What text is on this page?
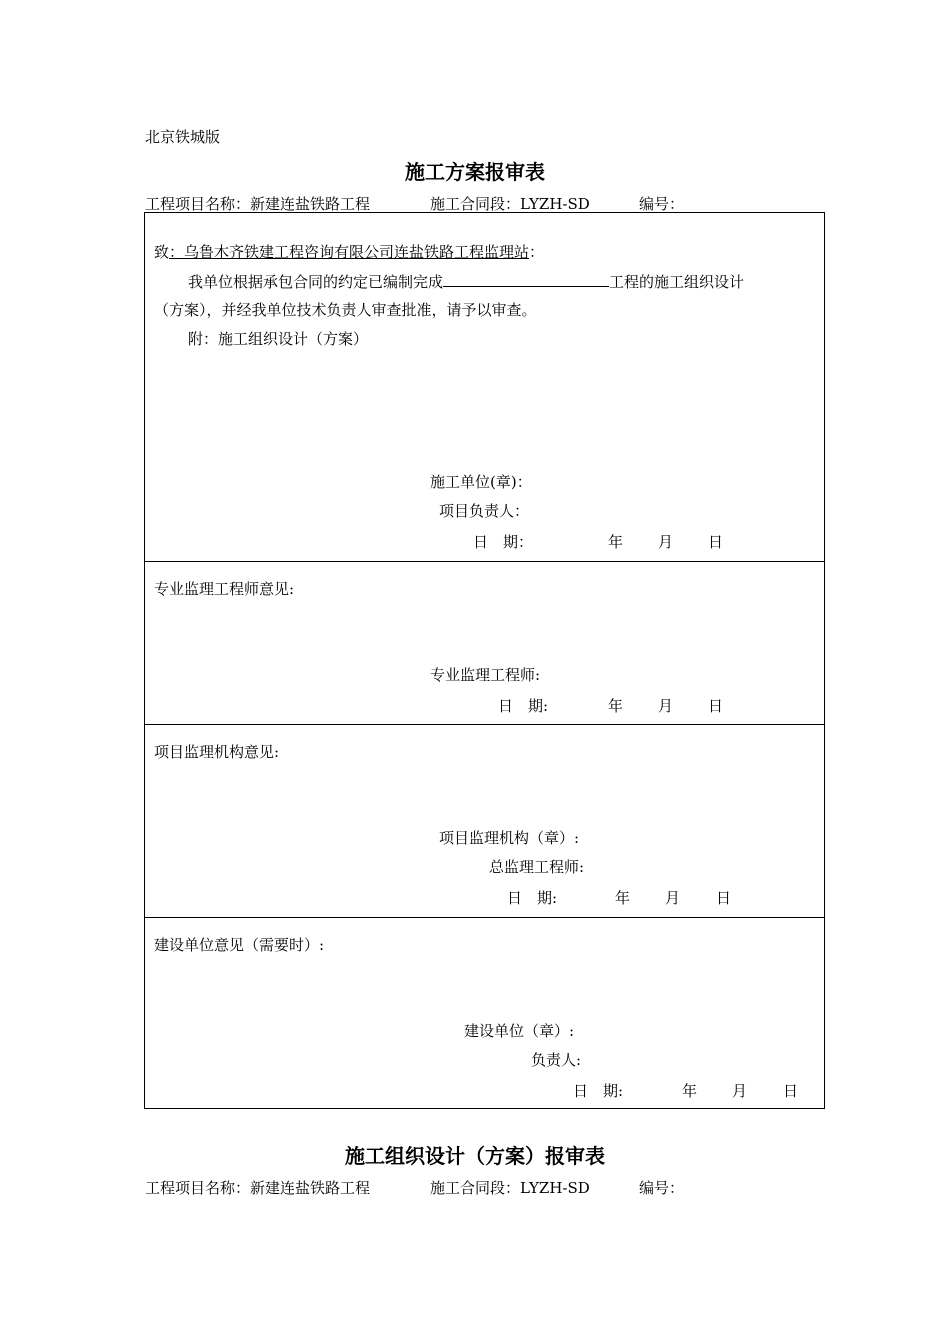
北京铁城版
施工方案报审表
工程项目名称：新建连盐铁路工程	施工合同段：LYZH-SD	编号：
致：乌鲁木齐铁建工程咨询有限公司连盐铁路工程监理站：
我单位根据承包合同的约定已编制完成	工程的施工组织设计
（方案），并经我单位技术负责人审查批准，请予以审查。
附：施工组织设计（方案）
施工单位(章)：
项目负责人：
日　期：	年 月 日
专业监理工程师意见:
专业监理工程师:
日　期:	年 月 日
项目监理机构意见:
项目监理机构（章）:
总监理工程师:
日　期:	年 月 日
建设单位意见（需要时）:
建设单位（章）:
负责人:
日　期:	年 月 日
施工组织设计（方案）报审表
工程项目名称：新建连盐铁路工程	施工合同段：LYZH-SD	编号：
